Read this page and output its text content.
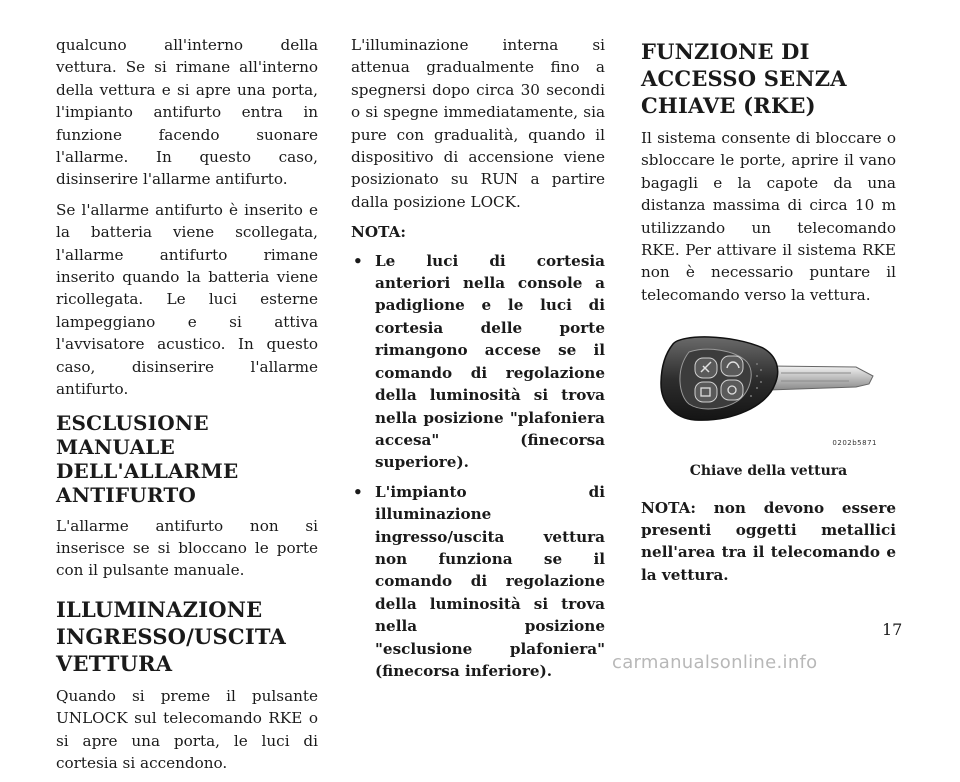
qualcuno all'interno della vettura. Se si rimane all'interno della vettura e si apre una porta, l'impianto antifurto entra in funzione facendo suonare l'allarme. In questo caso, disinserire l'allarme antifurto.

Se l'allarme antifurto è inserito e la batteria viene scollegata, l'allarme antifurto rimane inserito quando la batteria viene ricollegata. Le luci esterne lampeggiano e si attiva l'avvisatore acustico. In questo caso, disinserire l'allarme antifurto.

ESCLUSIONE MANUALE DELL'ALLARME ANTIFURTO

L'allarme antifurto non si inserisce se si bloccano le porte con il pulsante manuale.

ILLUMINAZIONE INGRESSO/USCITA VETTURA

Quando si preme il pulsante UNLOCK sul telecomando RKE o si apre una porta, le luci di cortesia si accendono.

L'illuminazione interna si attenua gradualmente fino a spegnersi dopo circa 30 secondi o si spegne immediatamente, sia pure con gradualità, quando il dispositivo di accensione viene posizionato su RUN a partire dalla posizione LOCK.

NOTA:
• Le luci di cortesia anteriori nella console a padiglione e le luci di cortesia delle porte rimangono accese se il comando di regolazione della luminosità si trova nella posizione "plafoniera accesa" (finecorsa superiore).
• L'impianto di illuminazione ingresso/uscita vettura non funziona se il comando di regolazione della luminosità si trova nella posizione "esclusione plafoniera" (finecorsa inferiore).
FUNZIONE DI ACCESSO SENZA CHIAVE (RKE)

Il sistema consente di bloccare o sbloccare le porte, aprire il vano bagagli e la capote da una distanza massima di circa 10 m utilizzando un telecomando RKE. Per attivare il sistema RKE non è necessario puntare il telecomando verso la vettura.

0202b5871
Chiave della vettura

NOTA: non devono essere presenti oggetti metallici nell'area tra il telecomando e la vettura.

17
carmanualsonline.info
